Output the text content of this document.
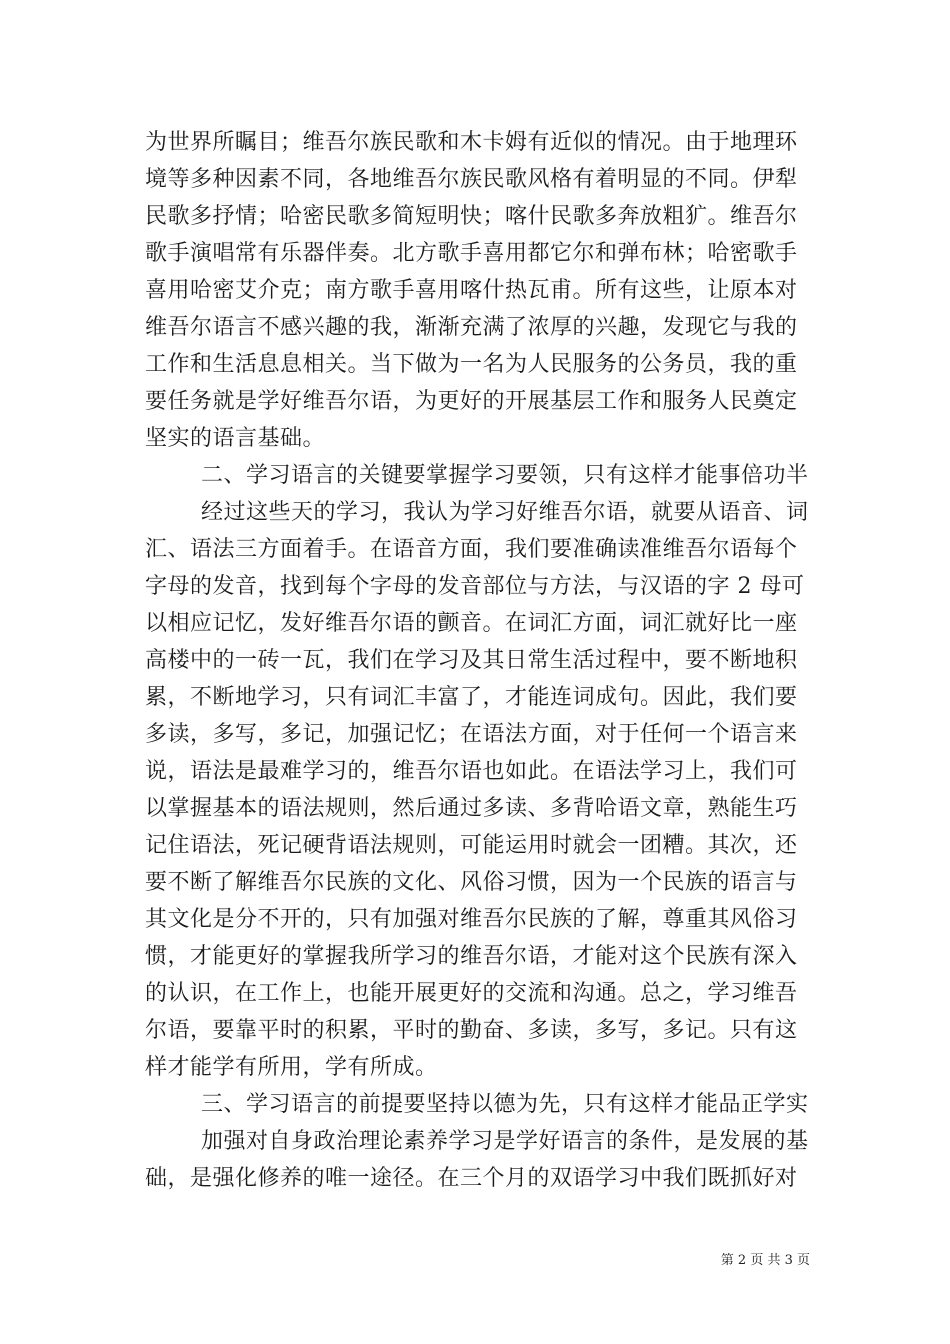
为世界所瞩目；维吾尔族民歌和木卡姆有近似的情况。由于地理环
境等多种因素不同，各地维吾尔族民歌风格有着明显的不同。伊犁
民歌多抒情；哈密民歌多简短明快；喀什民歌多奔放粗犷。维吾尔
歌手演唱常有乐器伴奏。北方歌手喜用都它尔和弹布林；哈密歌手
喜用哈密艾介克；南方歌手喜用喀什热瓦甫。所有这些，让原本对
维吾尔语言不感兴趣的我，渐渐充满了浓厚的兴趣，发现它与我的
工作和生活息息相关。当下做为一名为人民服务的公务员，我的重
要任务就是学好维吾尔语，为更好的开展基层工作和服务人民奠定
坚实的语言基础。
二、学习语言的关键要掌握学习要领，只有这样才能事倍功半
经过这些天的学习，我认为学习好维吾尔语，就要从语音、词
汇、语法三方面着手。在语音方面，我们要准确读准维吾尔语每个
字母的发音，找到每个字母的发音部位与方法，与汉语的字 2 母可
以相应记忆，发好维吾尔语的颤音。在词汇方面，词汇就好比一座
高楼中的一砖一瓦，我们在学习及其日常生活过程中，要不断地积
累，不断地学习，只有词汇丰富了，才能连词成句。因此，我们要
多读，多写，多记，加强记忆；在语法方面，对于任何一个语言来
说，语法是最难学习的，维吾尔语也如此。在语法学习上，我们可
以掌握基本的语法规则，然后通过多读、多背哈语文章，熟能生巧
记住语法，死记硬背语法规则，可能运用时就会一团糟。其次，还
要不断了解维吾尔民族的文化、风俗习惯，因为一个民族的语言与
其文化是分不开的，只有加强对维吾尔民族的了解，尊重其风俗习
惯，才能更好的掌握我所学习的维吾尔语，才能对这个民族有深入
的认识，在工作上，也能开展更好的交流和沟通。总之，学习维吾
尔语，要靠平时的积累，平时的勤奋、多读，多写，多记。只有这
样才能学有所用，学有所成。
三、学习语言的前提要坚持以德为先，只有这样才能品正学实
加强对自身政治理论素养学习是学好语言的条件，是发展的基
础，是强化修养的唯一途径。在三个月的双语学习中我们既抓好对
第 2 页 共 3 页
